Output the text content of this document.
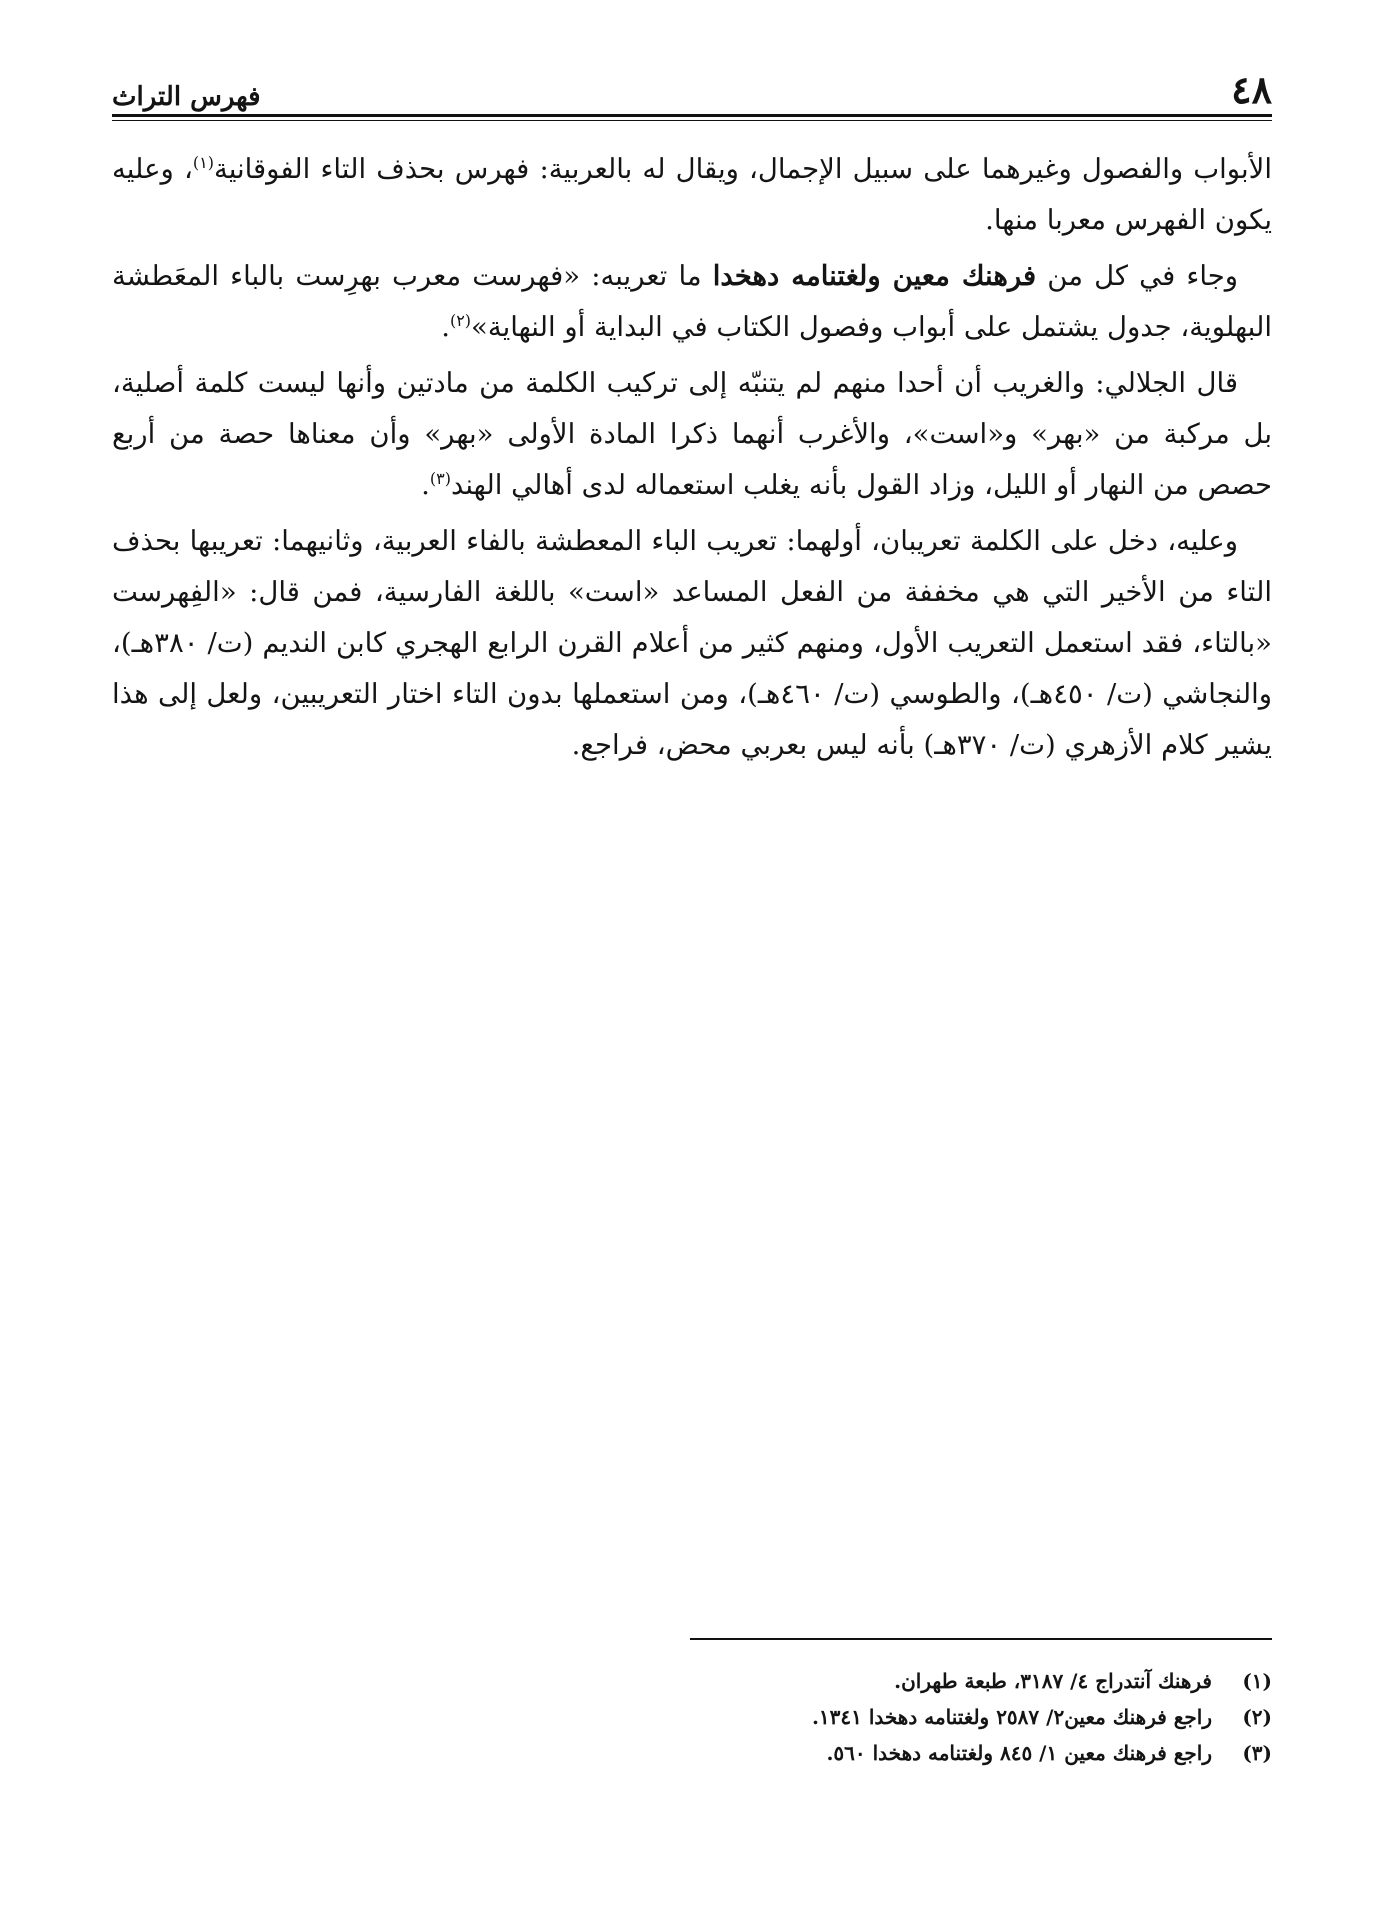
٤٨
فهرس التراث

الأبواب والفصول وغيرهما على سبيل الإجمال، ويقال له بالعربية: فهرس بحذف التاء الفوقانية$^{(١)}$، وعليه يكون الفهرس معربا منها.

وجاء في كل من فرهنك معين ولغتنامه دهخدا ما تعريبه: «فهرست معرب بهرِست بالباء المعَطشة البهلوية، جدول يشتمل على أبواب وفصول الكتاب في البداية أو النهاية»$^{(٢)}$.

قال الجلالي: والغريب أن أحدا منهم لم يتنبّه إلى تركيب الكلمة من مادتين وأنها ليست كلمة أصلية، بل مركبة من «بهر» و«است»، والأغرب أنهما ذكرا المادة الأولى «بهر» وأن معناها حصة من أربع حصص من النهار أو الليل، وزاد القول بأنه يغلب استعماله لدى أهالي الهند$^{(٣)}$.

وعليه، دخل على الكلمة تعريبان، أولهما: تعريب الباء المعطشة بالفاء العربية، وثانيهما: تعريبها بحذف التاء من الأخير التي هي مخففة من الفعل المساعد «است» باللغة الفارسية، فمن قال: «الفِهرست «بالتاء، فقد استعمل التعريب الأول، ومنهم كثير من أعلام القرن الرابع الهجري كابن النديم (ت/ ٣٨٠هـ)، والنجاشي (ت/ ٤٥٠هـ)، والطوسي (ت/ ٤٦٠هـ)، ومن استعملها بدون التاء اختار التعريبين، ولعل إلى هذا يشير كلام الأزهري (ت/ ٣٧٠هـ) بأنه ليس بعربي محض، فراجع.

(١)
فرهنك آنتدراج ٤/ ٣١٨٧، طبعة طهران.
(٢)
راجع فرهنك معين٢/ ٢٥٨٧ ولغتنامه دهخدا ١٣٤١.
(٣)
راجع فرهنك معين ١/ ٨٤٥ ولغتنامه دهخدا ٥٦٠.
